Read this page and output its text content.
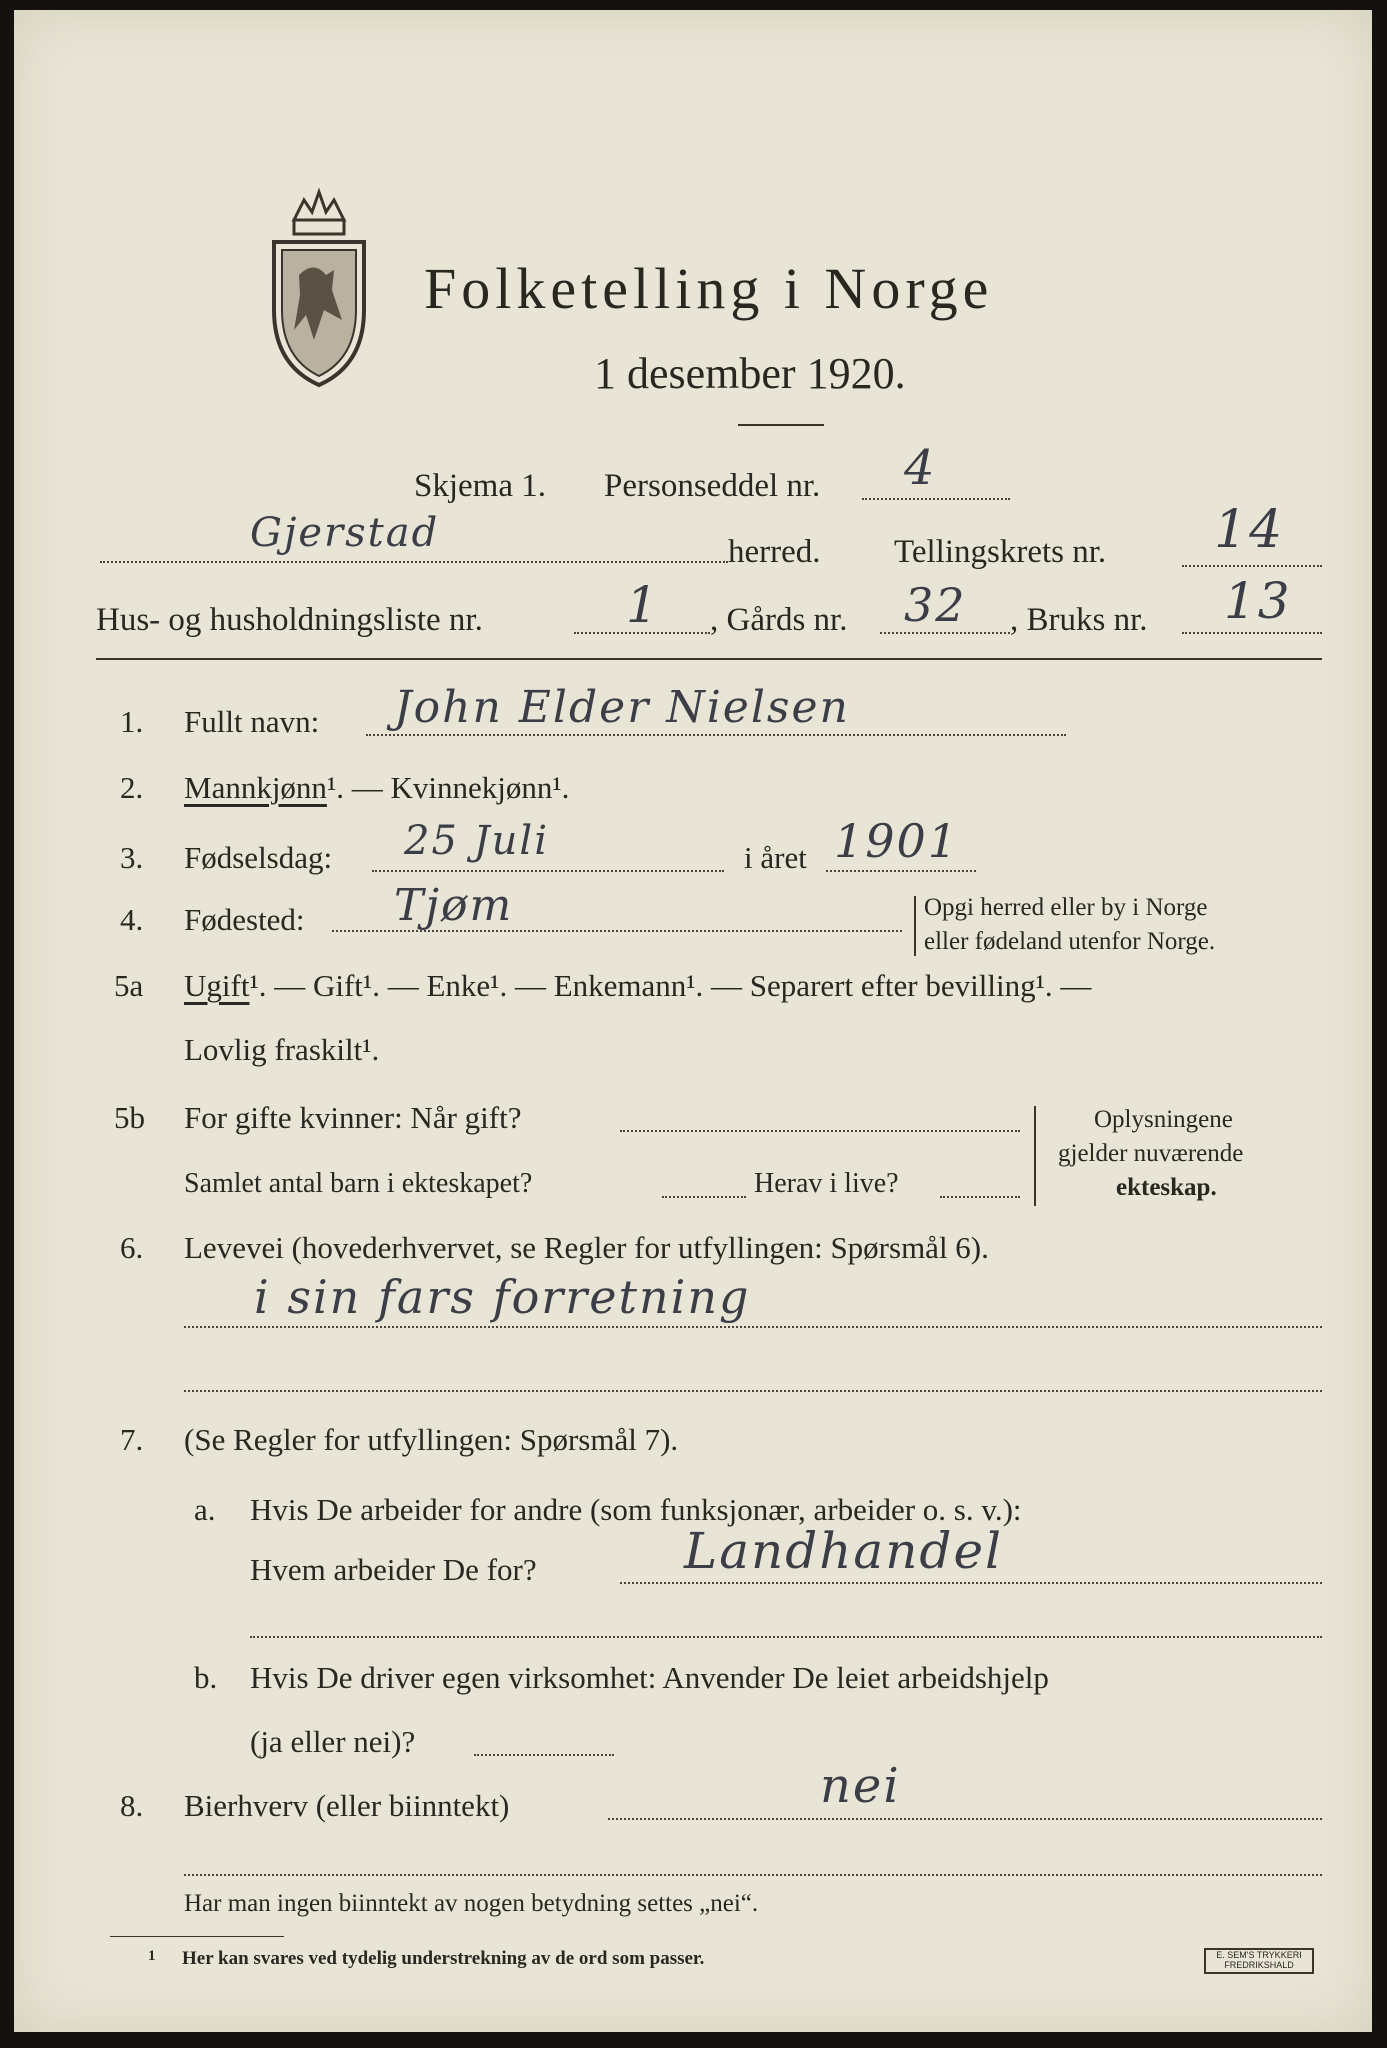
Folketelling i Norge
1 desember 1920.
Skjema 1. Personseddel nr. 4
Gjerstad	herred. Tellingskrets nr. 14
Hus- og husholdningsliste nr.	1 , Gårds nr. 32 , Bruks nr. 13
1. Fullt navn: John Elder Nielsen
2. Mannkjønn¹. — Kvinnekjønn¹.
3. Fødselsdag: 25 Juli	i året 1901
4. Fødested: Tjøm	Opgi herred eller by i Norge
eller fødeland utenfor Norge.
5a Ugift¹. — Gift¹. — Enke¹. — Enkemann¹. — Separert efter bevilling¹. —
Lovlig fraskilt¹.
5b For gifte kvinner: Når gift?
Samlet antal barn i ekteskapet?	Herav i live?
Oplysningene
gjelder nuværende
ekteskap.
6. Levevei (hovederhvervet, se Regler for utfyllingen: Spørsmål 6).
i sin fars forretning
7. (Se Regler for utfyllingen: Spørsmål 7).
a. Hvis De arbeider for andre (som funksjonær, arbeider o. s. v.):
Hvem arbeider De for?	Landhandel
b. Hvis De driver egen virksomhet: Anvender De leiet arbeidshjelp
(ja eller nei)?
8. Bierhverv (eller biinntekt)	nei
Har man ingen biinntekt av nogen betydning settes „nei“.
1 Her kan svares ved tydelig understrekning av de ord som passer.	E. SEM'S TRYKKERI
FREDRIKSHALD
